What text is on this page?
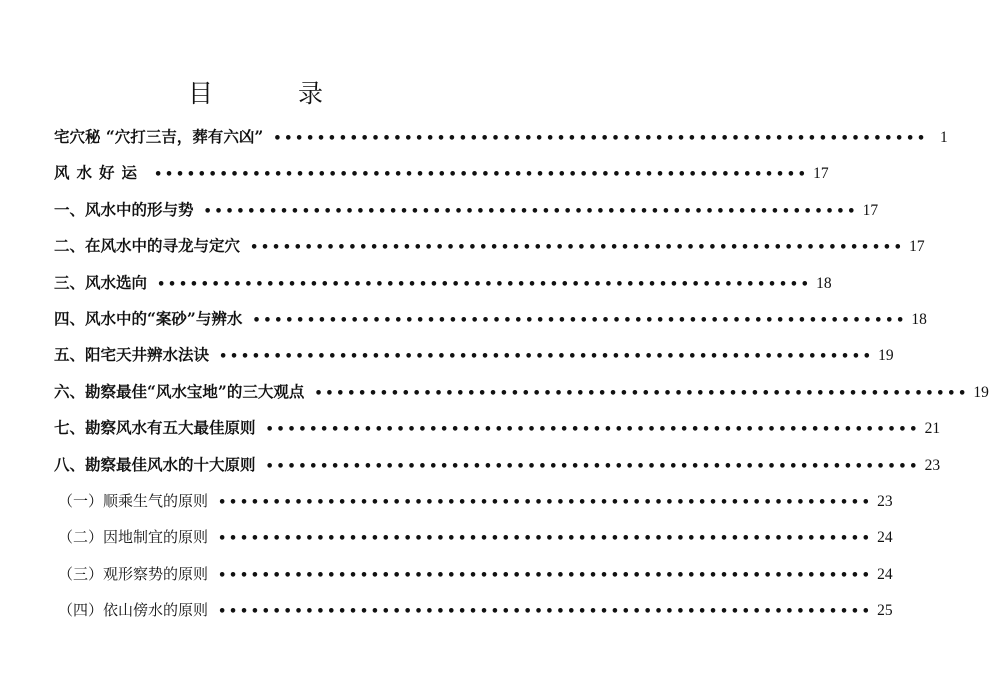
目　录
宅穴秘 “穴打三吉，葬有六凶” •••••••••••••••••••••••••••••••••••••••••••••••••••••••••••• 1
风水好运 •••••••••••••••••••••••••••••••••••••••••••••••••••••••••••• 17
一、风水中的形与势 •••••••••••••••••••••••••••••••••••••••••••••••••••••••••••• 17
二、在风水中的寻龙与定穴 •••••••••••••••••••••••••••••••••••••••••••••••••••••••••••• 17
三、风水选向 •••••••••••••••••••••••••••••••••••••••••••••••••••••••••••• 18
四、风水中的“案砂”与辨水 •••••••••••••••••••••••••••••••••••••••••••••••••••••••••••• 18
五、阳宅天井辨水法诀 •••••••••••••••••••••••••••••••••••••••••••••••••••••••••••• 19
六、勘察最佳“风水宝地”的三大观点 •••••••••••••••••••••••••••••••••••••••••••••••••••••••••••• 19
七、勘察风水有五大最佳原则 •••••••••••••••••••••••••••••••••••••••••••••••••••••••••••• 21
八、勘察最佳风水的十大原则 •••••••••••••••••••••••••••••••••••••••••••••••••••••••••••• 23
（一）顺乘生气的原则 •••••••••••••••••••••••••••••••••••••••••••••••••••••••••••• 23
（二）因地制宜的原则 •••••••••••••••••••••••••••••••••••••••••••••••••••••••••••• 24
（三）观形察势的原则 •••••••••••••••••••••••••••••••••••••••••••••••••••••••••••• 24
（四）依山傍水的原则 •••••••••••••••••••••••••••••••••••••••••••••••••••••••••••• 25
